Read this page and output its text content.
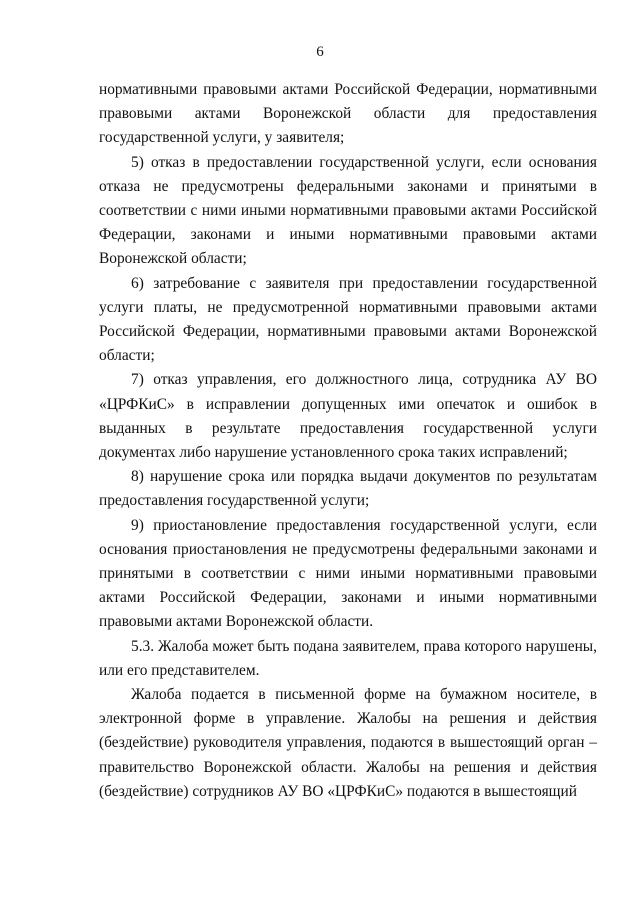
6

нормативными правовыми актами Российской Федерации, нормативными правовыми актами Воронежской области для предоставления государственной услуги, у заявителя;

5) отказ в предоставлении государственной услуги, если основания отказа не предусмотрены федеральными законами и принятыми в соответствии с ними иными нормативными правовыми актами Российской Федерации, законами и иными нормативными правовыми актами Воронежской области;

6) затребование с заявителя при предоставлении государственной услуги платы, не предусмотренной нормативными правовыми актами Российской Федерации, нормативными правовыми актами Воронежской области;

7) отказ управления, его должностного лица, сотрудника АУ ВО «ЦРФКиС» в исправлении допущенных ими опечаток и ошибок в выданных в результате предоставления государственной услуги документах либо нарушение установленного срока таких исправлений;

8) нарушение срока или порядка выдачи документов по результатам предоставления государственной услуги;

9) приостановление предоставления государственной услуги, если основания приостановления не предусмотрены федеральными законами и принятыми в соответствии с ними иными нормативными правовыми актами Российской Федерации, законами и иными нормативными правовыми актами Воронежской области.

5.3. Жалоба может быть подана заявителем, права которого нарушены, или его представителем.

Жалоба подается в письменной форме на бумажном носителе, в электронной форме в управление. Жалобы на решения и действия (бездействие) руководителя управления, подаются в вышестоящий орган – правительство Воронежской области. Жалобы на решения и действия (бездействие) сотрудников АУ ВО «ЦРФКиС» подаются в вышестоящий
